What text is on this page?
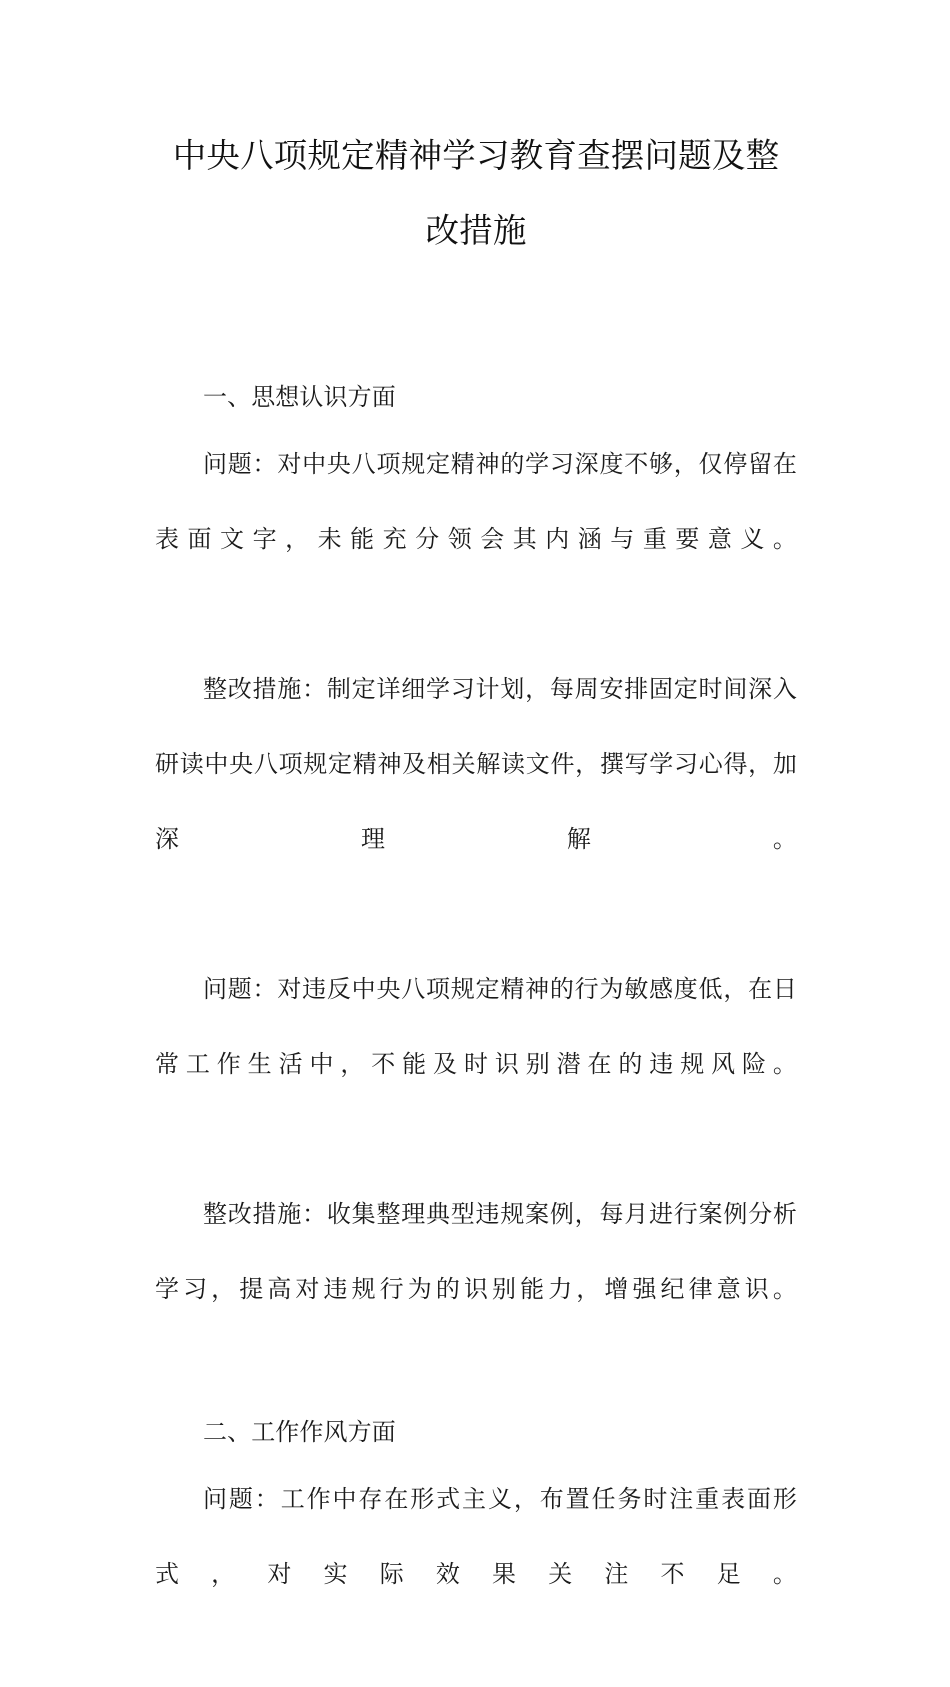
中央八项规定精神学习教育查摆问题及整
改措施
一、思想认识方面

问题：对中央八项规定精神的学习深度不够，仅停留在表面文字，未能充分领会其内涵与重要意义。

整改措施：制定详细学习计划，每周安排固定时间深入研读中央八项规定精神及相关解读文件，撰写学习心得，加深理解。

问题：对违反中央八项规定精神的行为敏感度低，在日常工作生活中，不能及时识别潜在的违规风险。

整改措施：收集整理典型违规案例，每月进行案例分析学习，提高对违规行为的识别能力，增强纪律意识。

二、工作作风方面

问题：工作中存在形式主义，布置任务时注重表面形式，对实际效果关注不足。
